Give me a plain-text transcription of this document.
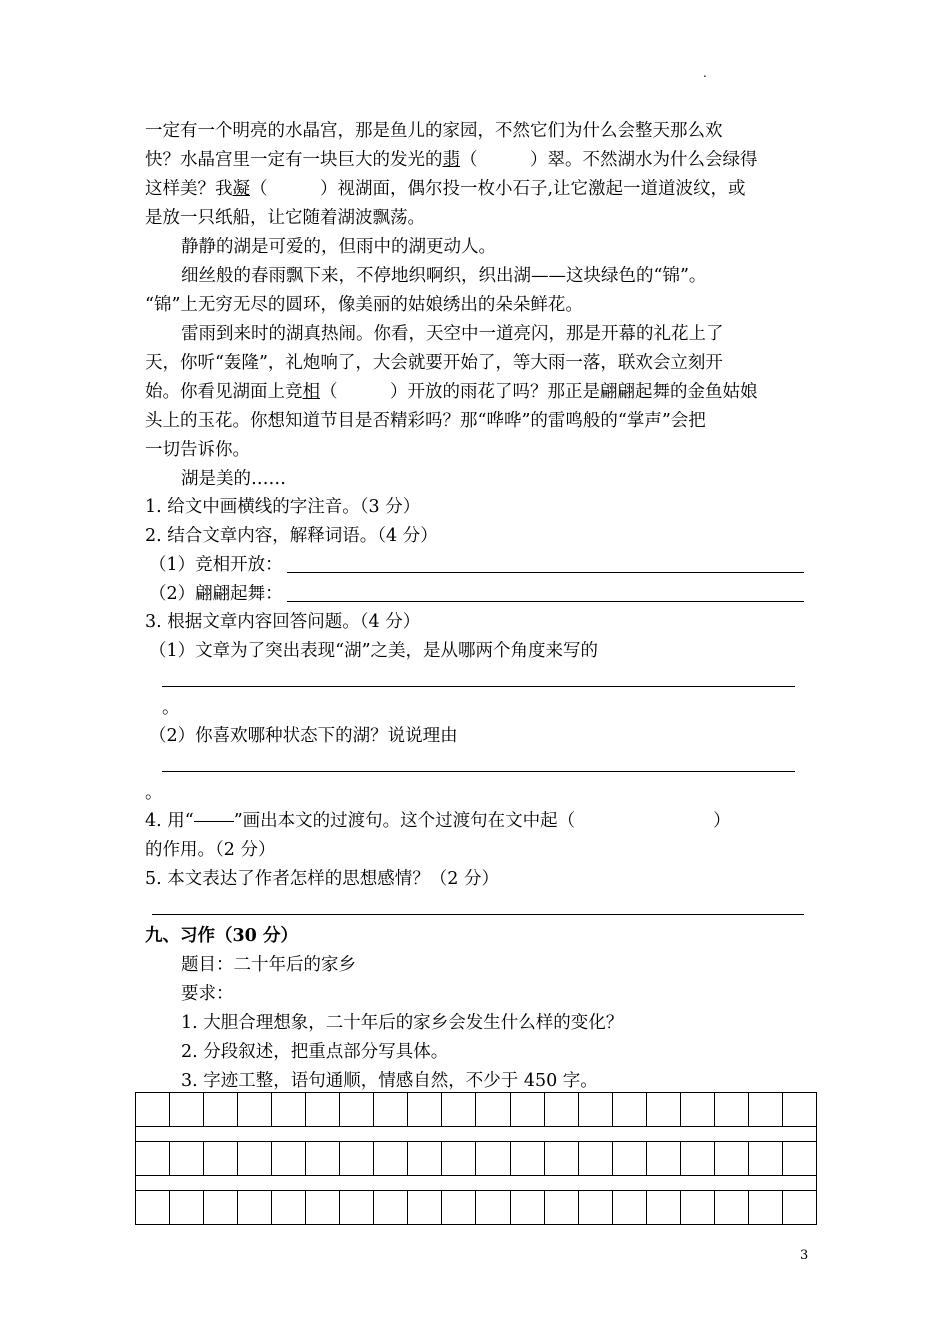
.
一定有一个明亮的水晶宫，那是鱼儿的家园，不然它们为什么会整天那么欢
快？水晶宫里一定有一块巨大的发光的翡（　　　）翠。不然湖水为什么会绿得
这样美？我凝（　　　）视湖面，偶尔投一枚小石子,让它激起一道道波纹，或
是放一只纸船，让它随着湖波飘荡。
静静的湖是可爱的，但雨中的湖更动人。
细丝般的春雨飘下来，不停地织啊织，织出湖——这块绿色的“锦”。
“锦”上无穷无尽的圆环，像美丽的姑娘绣出的朵朵鲜花。
雷雨到来时的湖真热闹。你看，天空中一道亮闪，那是开幕的礼花上了
天，你听“轰隆”，礼炮响了，大会就要开始了，等大雨一落，联欢会立刻开
始。你看见湖面上竞相（　　　）开放的雨花了吗？那正是翩翩起舞的金鱼姑娘
头上的玉花。你想知道节目是否精彩吗？那“哗哗”的雷鸣般的“掌声”会把
一切告诉你。
湖是美的……
1. 给文中画横线的字注音。（3 分）
2. 结合文章内容，解释词语。（4 分）
（1）竞相开放：
（2）翩翩起舞：
3. 根据文章内容回答问题。（4 分）
（1）文章为了突出表现“湖”之美，是从哪两个角度来写的
。
（2）你喜欢哪种状态下的湖？说说理由
。
4. 用“ ”画出本文的过渡句。这个过渡句在文中起（	）
的作用。（2 分）
5. 本文表达了作者怎样的思想感情？（2 分）
九、习作（30 分）
题目：二十年后的家乡
要求：
1. 大胆合理想象，二十年后的家乡会发生什么样的变化？
2. 分段叙述，把重点部分写具体。
3. 字迹工整，语句通顺，情感自然，不少于 450 字。
3
